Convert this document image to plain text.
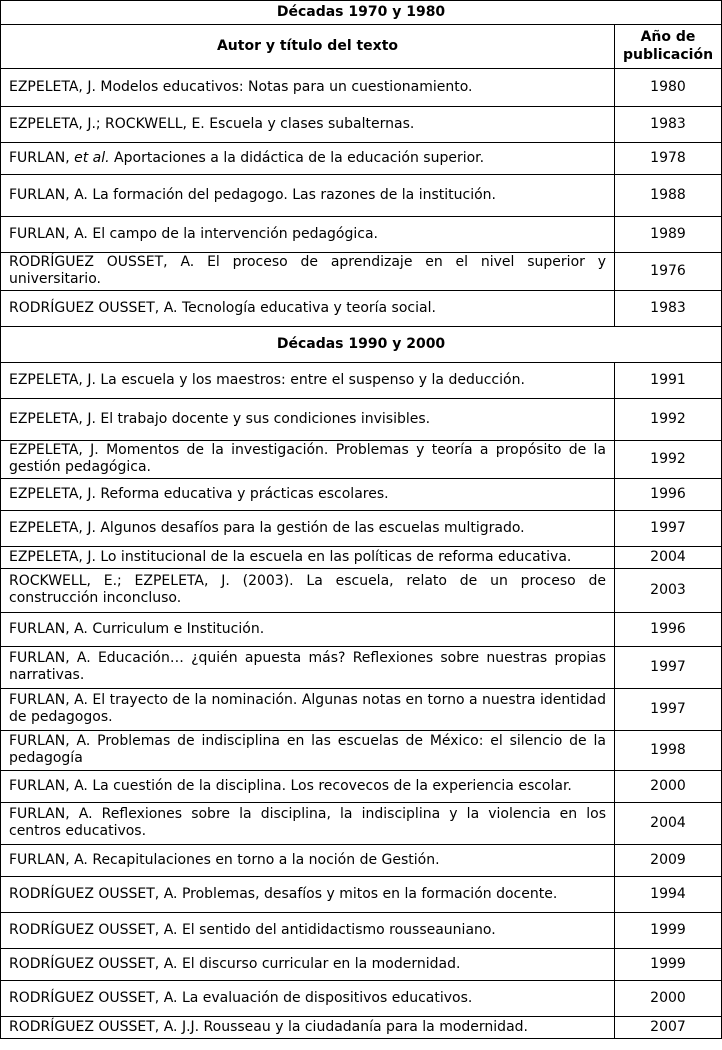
Décadas 1970 y 1980	
Autor y título del texto	Año de publicación
EZPELETA, J. Modelos educativos: Notas para un cuestionamiento.	1980
EZPELETA, J.; ROCKWELL, E. Escuela y clases subalternas.	1983
FURLAN, et al. Aportaciones a la didáctica de la educación superior.	1978
FURLAN, A. La formación del pedagogo. Las razones de la institución.	1988
FURLAN, A. El campo de la intervención pedagógica.	1989
RODRÍGUEZ OUSSET, A. El proceso de aprendizaje en el nivel superior y universitario.	1976
RODRÍGUEZ OUSSET, A. Tecnología educativa y teoría social.	1983
Décadas 1990 y 2000	
EZPELETA, J. La escuela y los maestros: entre el suspenso y la deducción.	1991
EZPELETA, J. El trabajo docente y sus condiciones invisibles.	1992
EZPELETA, J. Momentos de la investigación. Problemas y teoría a propósito de la gestión pedagógica.	1992
EZPELETA, J. Reforma educativa y prácticas escolares.	1996
EZPELETA, J. Algunos desafíos para la gestión de las escuelas multigrado.	1997
EZPELETA, J. Lo institucional de la escuela en las políticas de reforma educativa.	2004
ROCKWELL, E.; EZPELETA, J. (2003). La escuela, relato de un proceso de construcción inconcluso.	2003
FURLAN, A. Curriculum e Institución.	1996
FURLAN, A. Educación… ¿quién apuesta más? Reflexiones sobre nuestras propias narrativas.	1997
FURLAN, A. El trayecto de la nominación. Algunas notas en torno a nuestra identidad de pedagogos.	1997
FURLAN, A. Problemas de indisciplina en las escuelas de México: el silencio de la pedagogía	1998
FURLAN, A. La cuestión de la disciplina. Los recovecos de la experiencia escolar.	2000
FURLAN, A. Reflexiones sobre la disciplina, la indisciplina y la violencia en los centros educativos.	2004
FURLAN, A. Recapitulaciones en torno a la noción de Gestión.	2009
RODRÍGUEZ OUSSET, A. Problemas, desafíos y mitos en la formación docente.	1994
RODRÍGUEZ OUSSET, A. El sentido del antididactismo rousseauniano.	1999
RODRÍGUEZ OUSSET, A. El discurso curricular en la modernidad.	1999
RODRÍGUEZ OUSSET, A. La evaluación de dispositivos educativos.	2000
RODRÍGUEZ OUSSET, A. J.J. Rousseau y la ciudadanía para la modernidad.	2007
